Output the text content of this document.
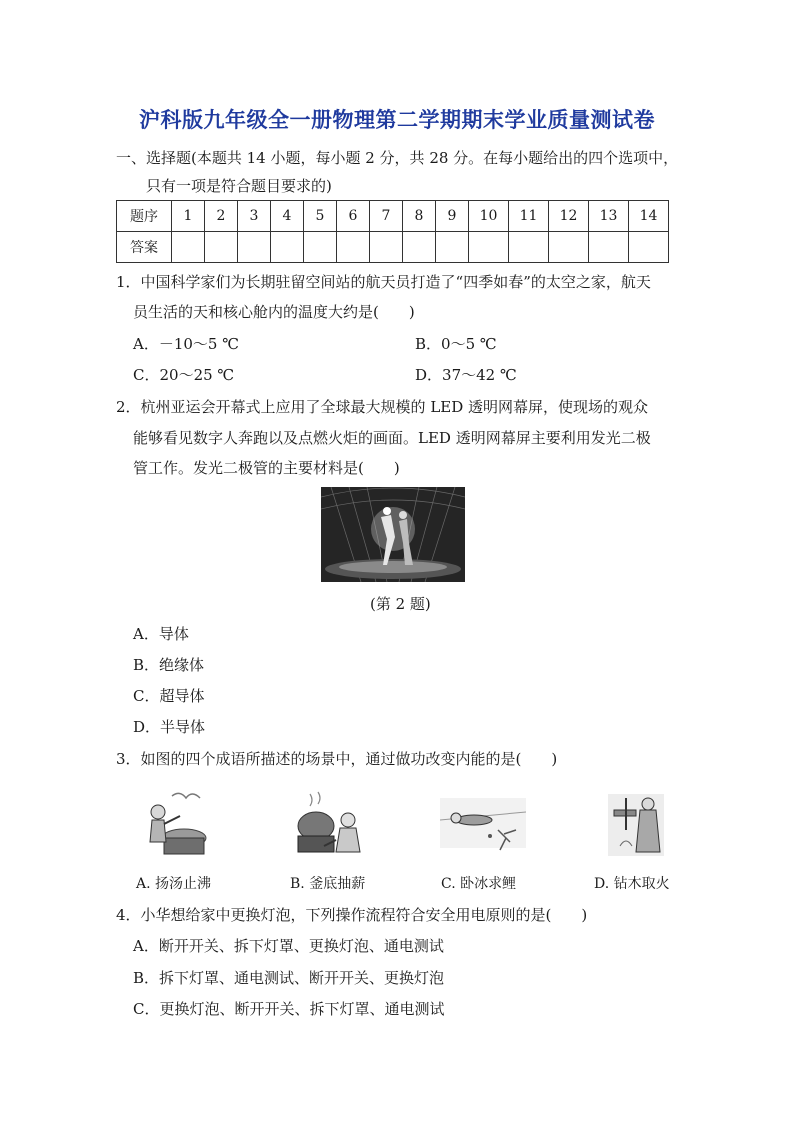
沪科版九年级全一册物理第二学期期末学业质量测试卷
一、选择题(本题共 14 小题，每小题 2 分，共 28 分。在每小题给出的四个选项中，
只有一项是符合题目要求的)
题序	1	2	3	4	5	6	7	8	9	10	11	12	13	14
答案														
1．中国科学家们为长期驻留空间站的航天员打造了“四季如春”的太空之家，航天
员生活的天和核心舱内的温度大约是(　　)
A．－10～5 ℃	B．0～5 ℃
C．20～25 ℃	D．37～42 ℃
2．杭州亚运会开幕式上应用了全球最大规模的 LED 透明网幕屏，使现场的观众
能够看见数字人奔跑以及点燃火炬的画面。LED 透明网幕屏主要利用发光二极
管工作。发光二极管的主要材料是(　　)
(第 2 题)
A．导体
B．绝缘体
C．超导体
D．半导体
3．如图的四个成语所描述的场景中，通过做功改变内能的是(　　)
A. 扬汤止沸	B. 釜底抽薪	C. 卧冰求鲤	D. 钻木取火
4．小华想给家中更换灯泡，下列操作流程符合安全用电原则的是(　　)
A．断开开关、拆下灯罩、更换灯泡、通电测试
B．拆下灯罩、通电测试、断开开关、更换灯泡
C．更换灯泡、断开开关、拆下灯罩、通电测试
